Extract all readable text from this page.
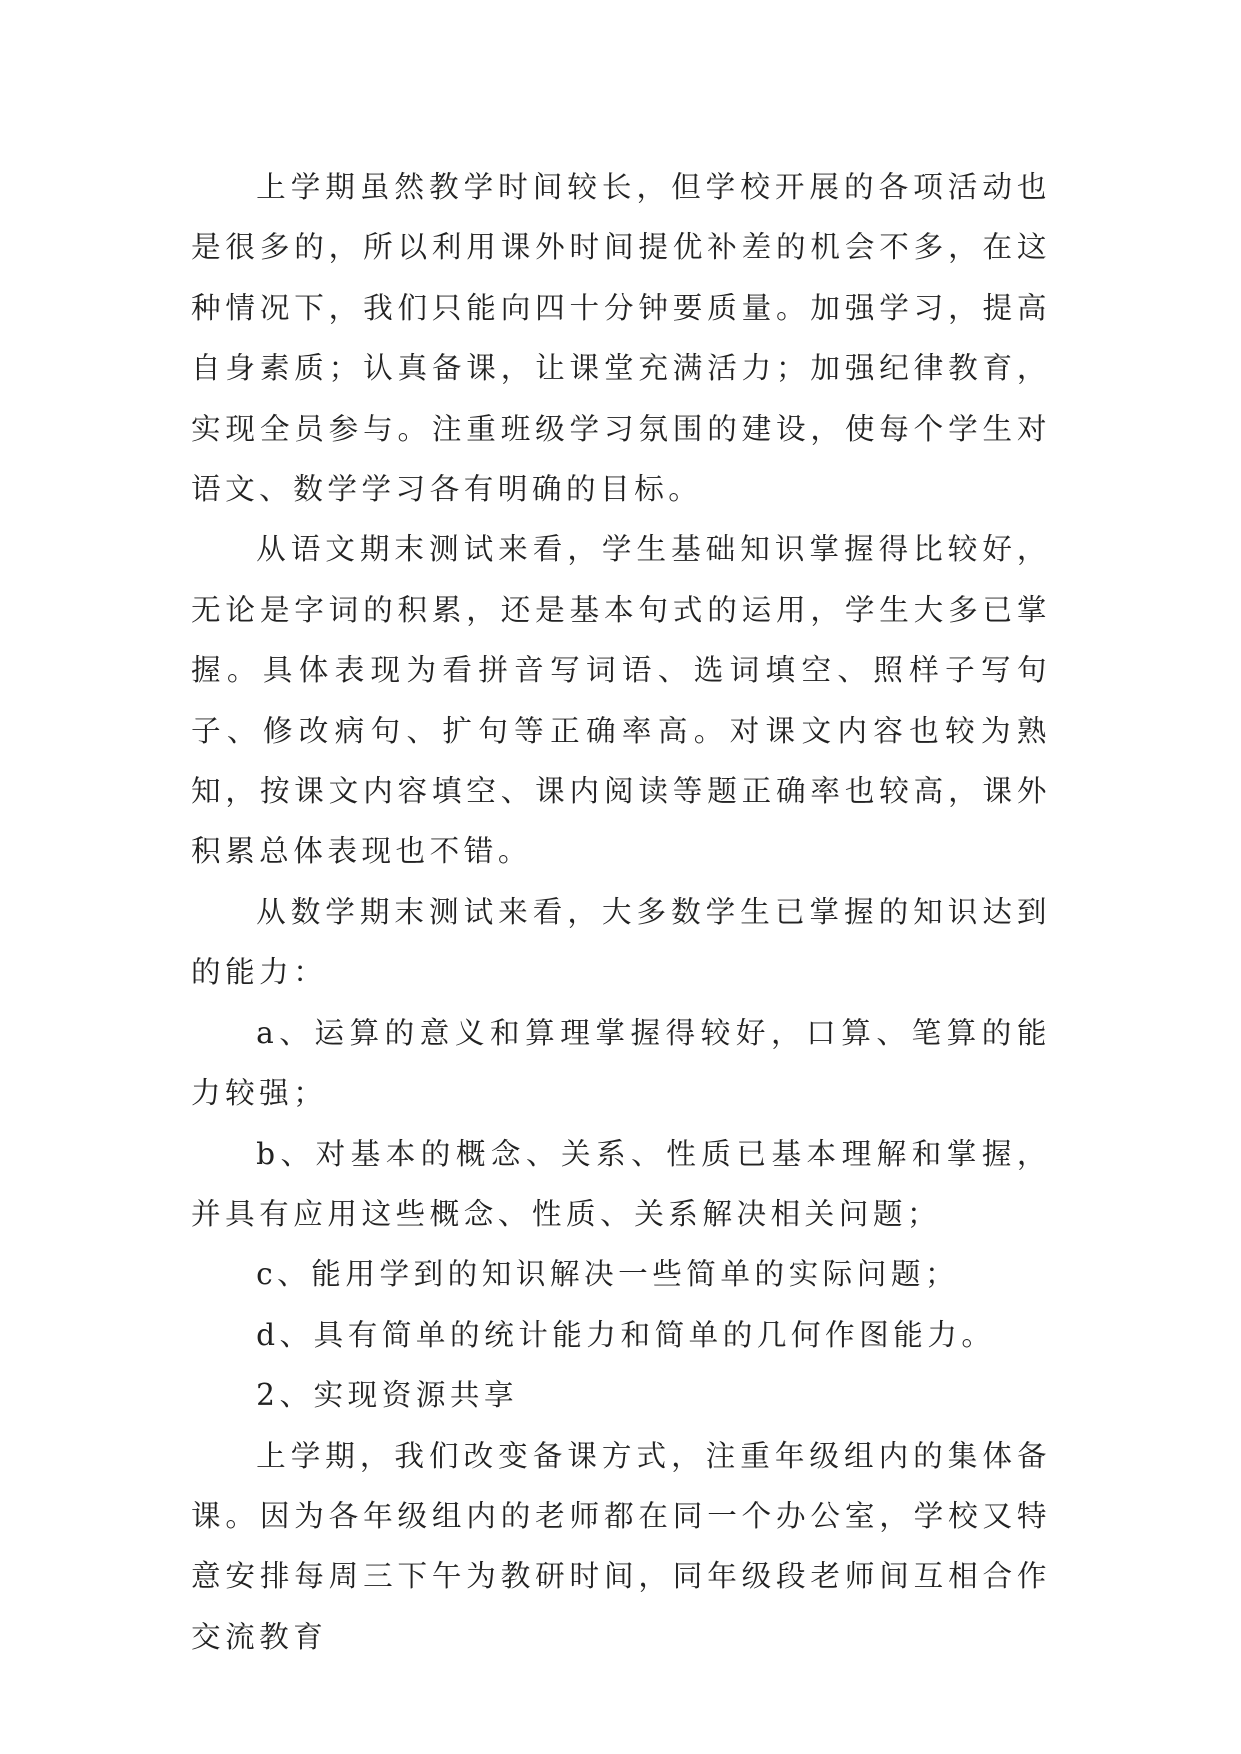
上学期虽然教学时间较长，但学校开展的各项活动也是很多的，所以利用课外时间提优补差的机会不多，在这种情况下，我们只能向四十分钟要质量。加强学习，提高自身素质；认真备课，让课堂充满活力；加强纪律教育，实现全员参与。注重班级学习氛围的建设，使每个学生对语文、数学学习各有明确的目标。

从语文期末测试来看，学生基础知识掌握得比较好，无论是字词的积累，还是基本句式的运用，学生大多已掌握。具体表现为看拼音写词语、选词填空、照样子写句子、修改病句、扩句等正确率高。对课文内容也较为熟知，按课文内容填空、课内阅读等题正确率也较高，课外积累总体表现也不错。

从数学期末测试来看，大多数学生已掌握的知识达到的能力：

a、运算的意义和算理掌握得较好，口算、笔算的能力较强；

b、对基本的概念、关系、性质已基本理解和掌握，并具有应用这些概念、性质、关系解决相关问题；

c、能用学到的知识解决一些简单的实际问题；

d、具有简单的统计能力和简单的几何作图能力。

2、实现资源共享

上学期，我们改变备课方式，注重年级组内的集体备课。因为各年级组内的老师都在同一个办公室，学校又特意安排每周三下午为教研时间，同年级段老师间互相合作交流教育
